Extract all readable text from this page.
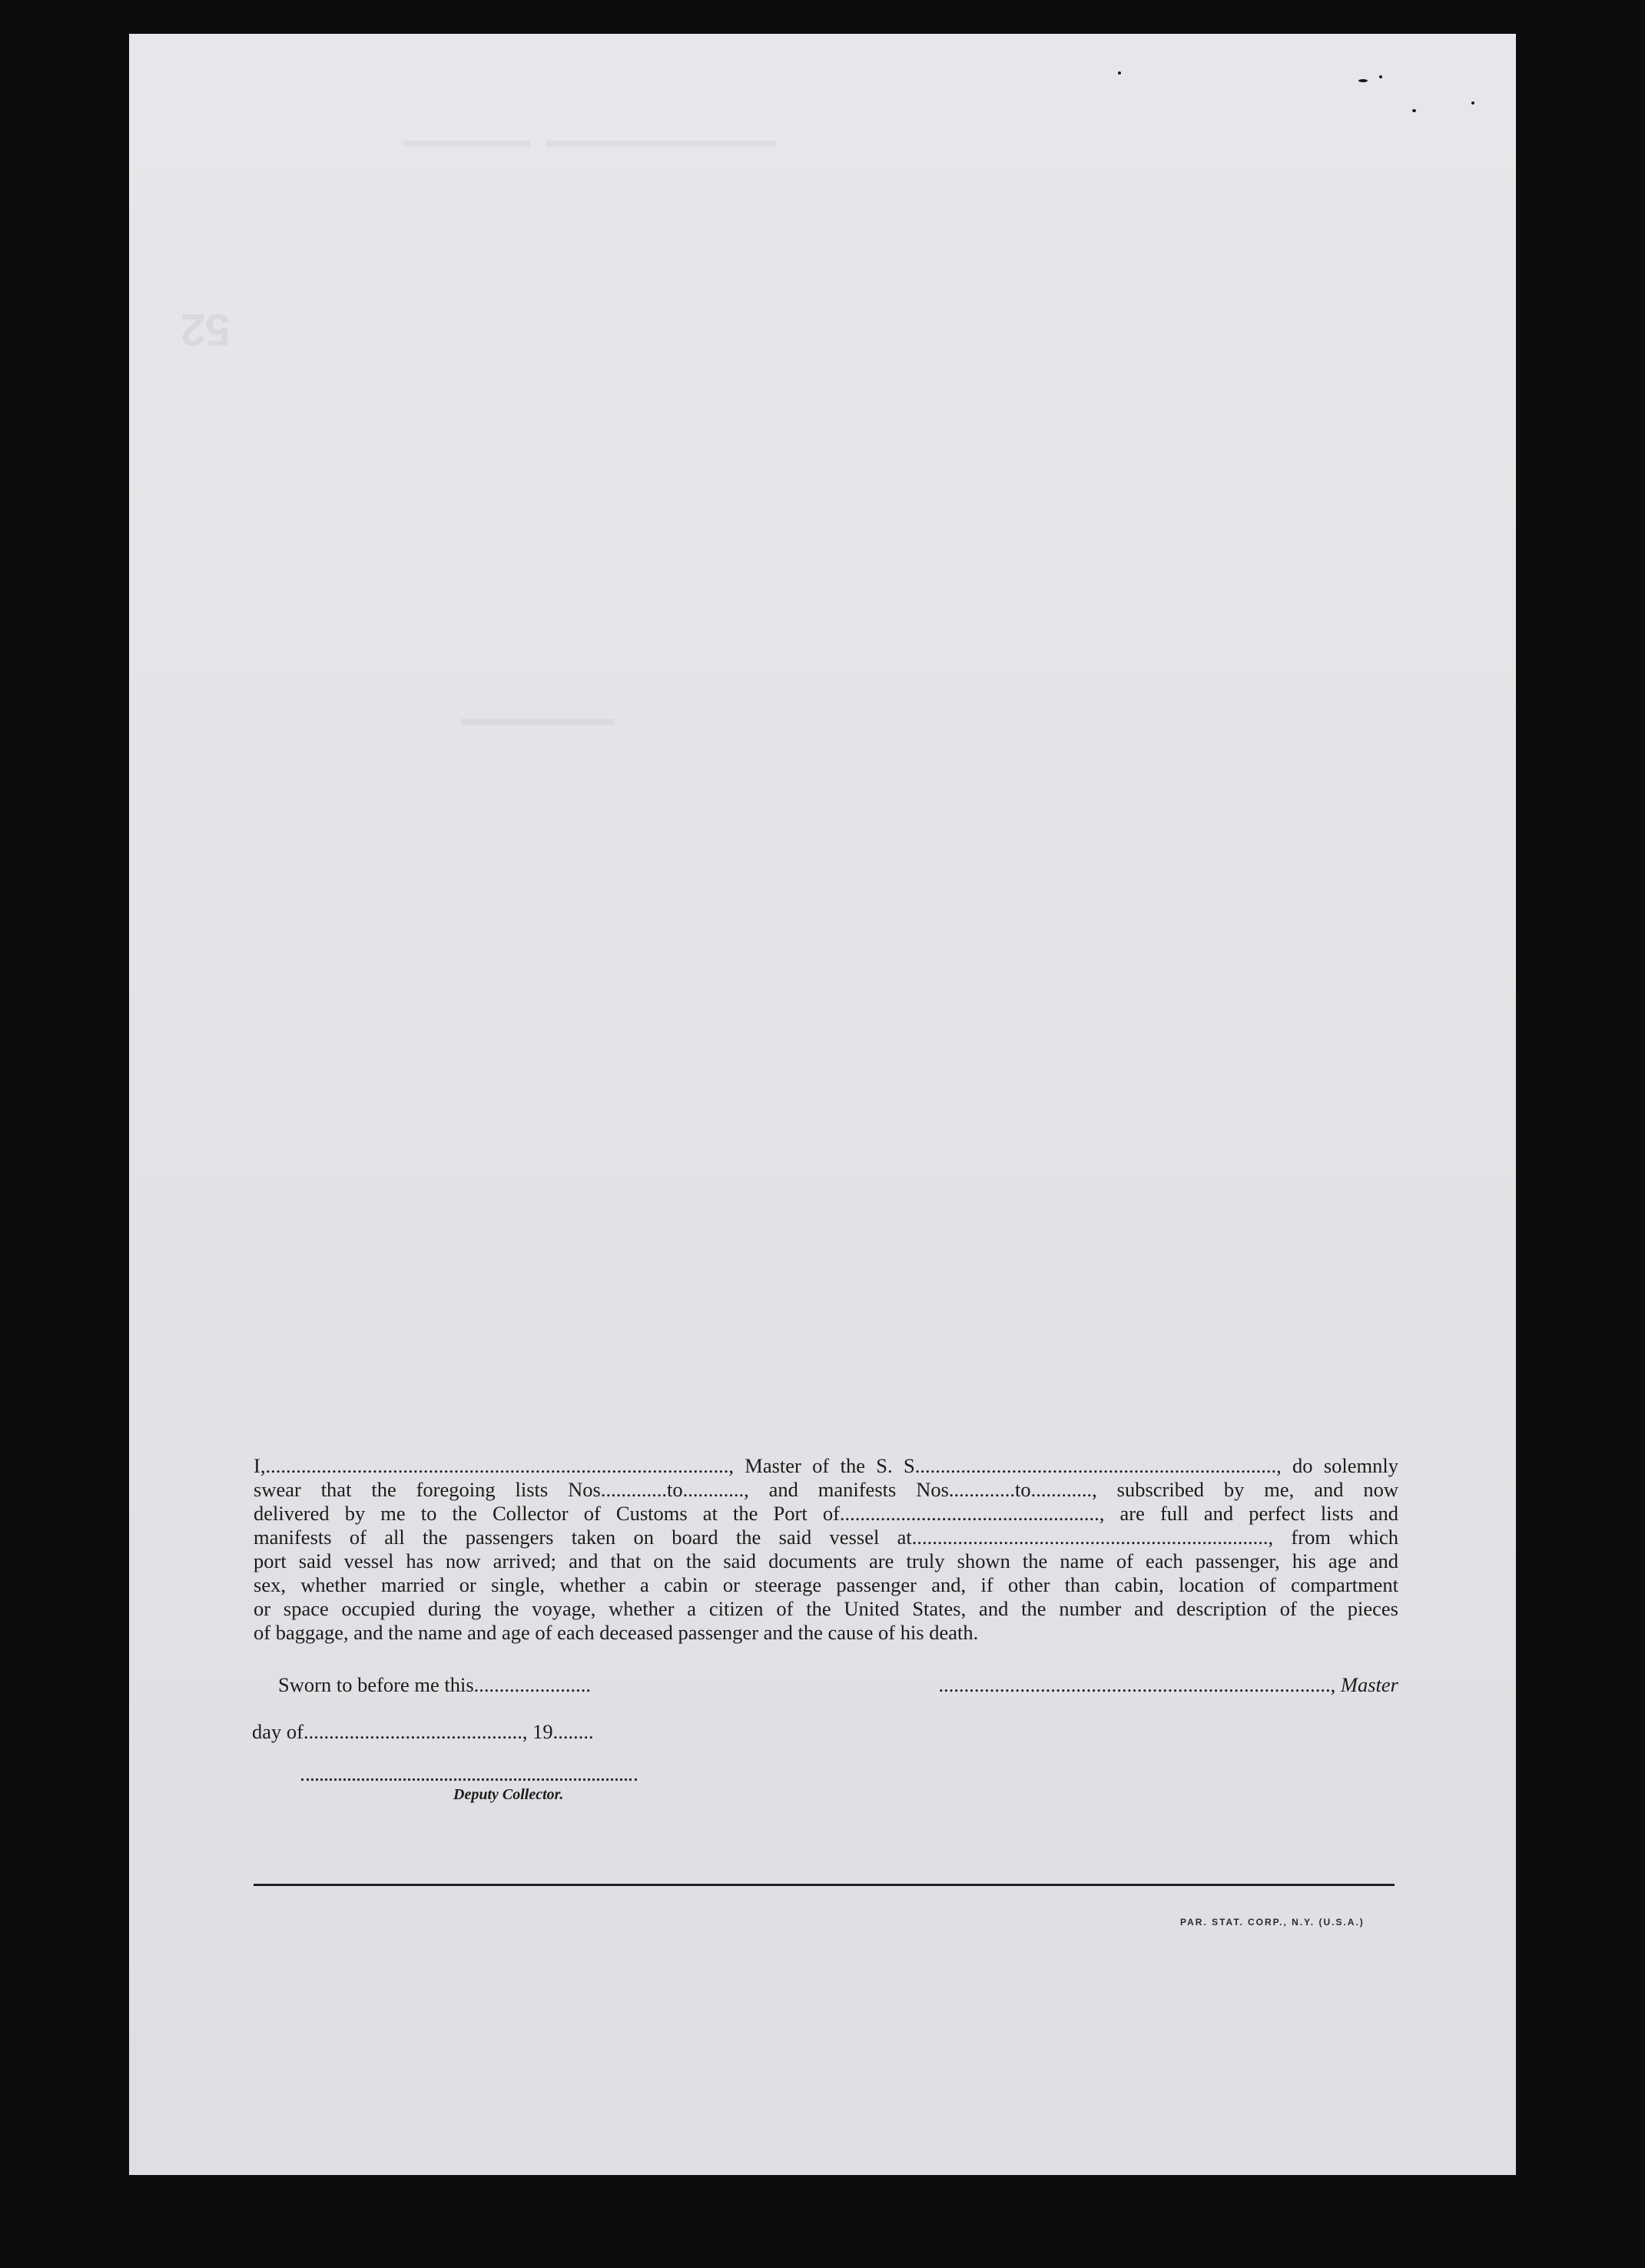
52
I,..........................................................................................., Master of the S. S......................................................................., do solemnly
swear that the foregoing lists Nos.............to............, and manifests Nos.............to............, subscribed by me, and now
delivered by me to the Collector of Customs at the Port of..................................................., are full and perfect lists and
manifests of all the passengers taken on board the said vessel at......................................................................, from which
port said vessel has now arrived; and that on the said documents are truly shown the name of each passenger, his age and
sex, whether married or single, whether a cabin or steerage passenger and, if other than cabin, location of compartment
or space occupied during the voyage, whether a citizen of the United States, and the number and description of the pieces
of baggage, and the name and age of each deceased passenger and the cause of his death.
Sworn to before me this.......................	............................................................................., Master
day of..........................................., 19........
Deputy Collector.
PAR. STAT. CORP., N.Y. (U.S.A.)
